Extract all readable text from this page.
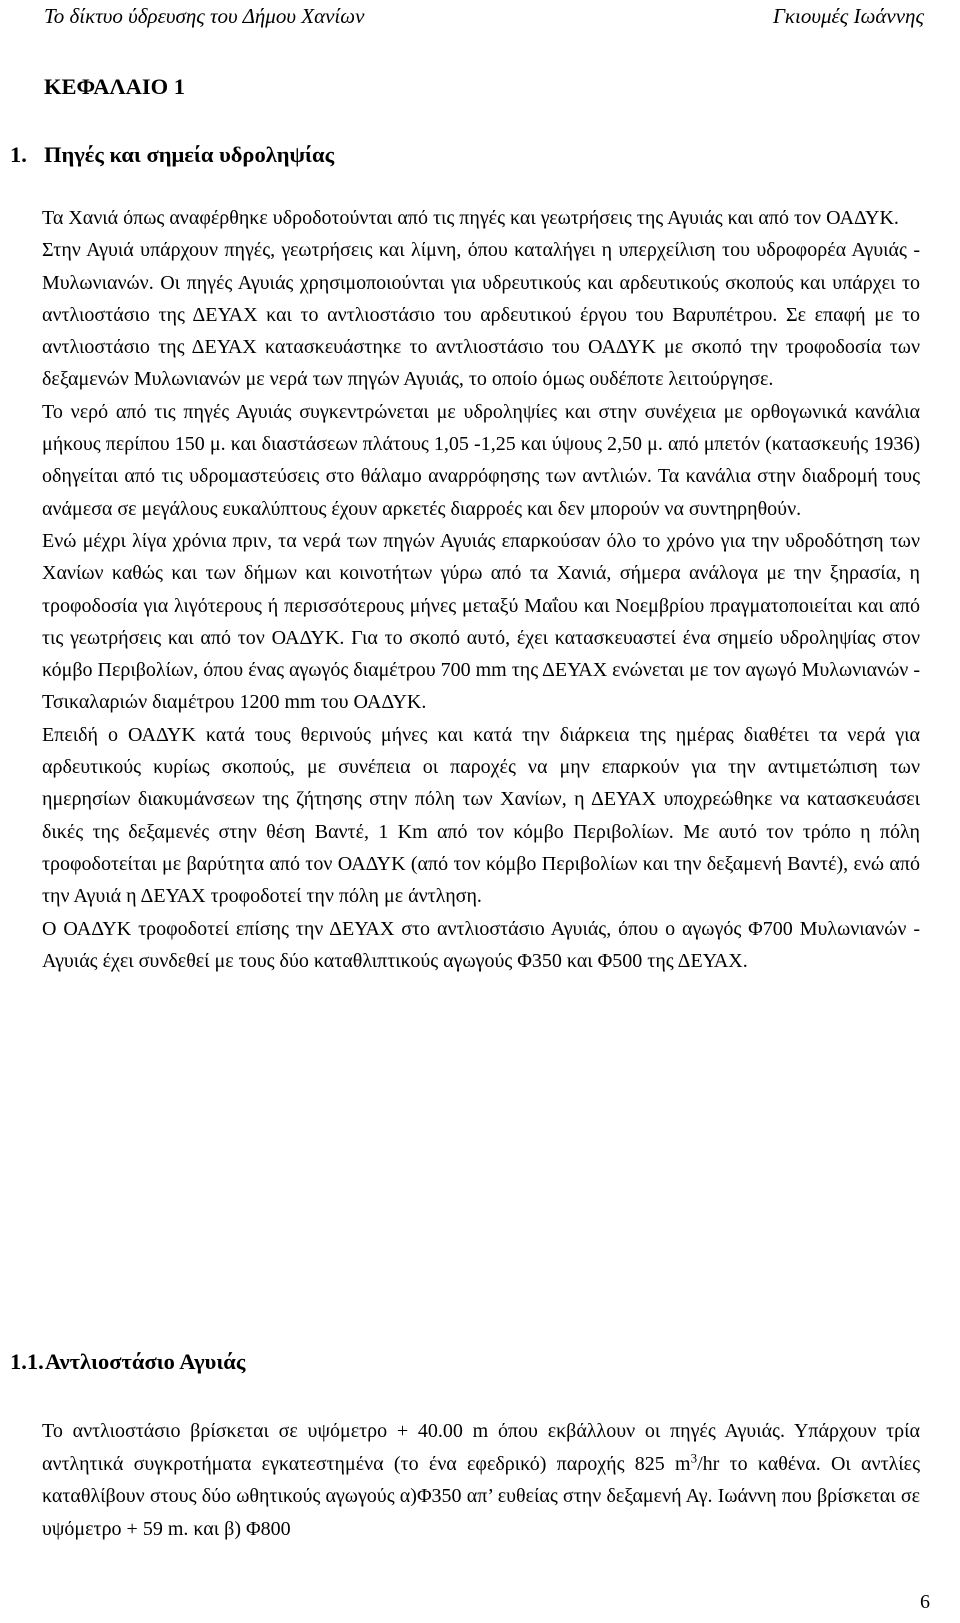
Το δίκτυο ύδρευσης του Δήμου Χανίων	Γκιουμές Ιωάννης
ΚΕΦΑΛΑΙΟ 1
1. Πηγές και σημεία υδροληψίας

Τα Χανιά όπως αναφέρθηκε υδροδοτούνται από τις πηγές και γεωτρήσεις της Αγυιάς και από τον ΟΑΔΥΚ.

Στην Αγυιά υπάρχουν πηγές, γεωτρήσεις και λίμνη, όπου καταλήγει η υπερχείλιση του υδροφορέα Αγυιάς - Μυλωνιανών. Οι πηγές Αγυιάς χρησιμοποιούνται για υδρευτικούς και αρδευτικούς σκοπούς και υπάρχει το αντλιοστάσιο της ΔΕΥΑΧ και το αντλιοστάσιο του αρδευτικού έργου του Βαρυπέτρου. Σε επαφή με το αντλιοστάσιο της ΔΕΥΑΧ κατασκευάστηκε το αντλιοστάσιο του ΟΑΔΥΚ με σκοπό την τροφοδοσία των δεξαμενών Μυλωνιανών με νερά των πηγών Αγυιάς, το οποίο όμως ουδέποτε λειτούργησε.

Το νερό από τις πηγές Αγυιάς συγκεντρώνεται με υδροληψίες και στην συνέχεια με ορθογωνικά κανάλια μήκους περίπου 150 μ. και διαστάσεων πλάτους 1,05 -1,25 και ύψους 2,50 μ. από μπετόν (κατασκευής 1936) οδηγείται από τις υδρομαστεύσεις στο θάλαμο αναρρόφησης των αντλιών. Τα κανάλια στην διαδρομή τους ανάμεσα σε μεγάλους ευκαλύπτους έχουν αρκετές διαρροές και δεν μπορούν να συντηρηθούν.

Ενώ μέχρι λίγα χρόνια πριν, τα νερά των πηγών Αγυιάς επαρκούσαν όλο το χρόνο για την υδροδότηση των Χανίων καθώς και των δήμων και κοινοτήτων γύρω από τα Χανιά, σήμερα ανάλογα με την ξηρασία, η τροφοδοσία για λιγότερους ή περισσότερους μήνες μεταξύ Μαΐου και Νοεμβρίου πραγματοποιείται και από τις γεωτρήσεις και από τον ΟΑΔΥΚ. Για το σκοπό αυτό, έχει κατασκευαστεί ένα σημείο υδροληψίας στον κόμβο Περιβολίων, όπου ένας αγωγός διαμέτρου 700 mm της ΔΕΥΑΧ ενώνεται με τον αγωγό Μυλωνιανών - Τσικαλαριών διαμέτρου 1200 mm του ΟΑΔΥΚ.

Επειδή ο ΟΑΔΥΚ κατά τους θερινούς μήνες και κατά την διάρκεια της ημέρας διαθέτει τα νερά για αρδευτικούς κυρίως σκοπούς, με συνέπεια οι παροχές να μην επαρκούν για την αντιμετώπιση των ημερησίων διακυμάνσεων της ζήτησης στην πόλη των Χανίων, η ΔΕΥΑΧ υποχρεώθηκε να κατασκευάσει δικές της δεξαμενές στην θέση Βαντέ, 1 Km από τον κόμβο Περιβολίων. Με αυτό τον τρόπο η πόλη τροφοδοτείται με βαρύτητα από τον ΟΑΔΥΚ (από τον κόμβο Περιβολίων και την δεξαμενή Βαντέ), ενώ από την Αγυιά η ΔΕΥΑΧ τροφοδοτεί την πόλη με άντληση.

Ο ΟΑΔΥΚ τροφοδοτεί επίσης την ΔΕΥΑΧ στο αντλιοστάσιο Αγυιάς, όπου ο αγωγός Φ700 Μυλωνιανών - Αγυιάς έχει συνδεθεί με τους δύο καταθλιπτικούς αγωγούς Φ350 και Φ500 της ΔΕΥΑΧ.

1.1.Αντλιοστάσιο Αγυιάς

Το αντλιοστάσιο βρίσκεται σε υψόμετρο + 40.00 m όπου εκβάλλουν οι πηγές Αγυιάς. Υπάρχουν τρία αντλητικά συγκροτήματα εγκατεστημένα (το ένα εφεδρικό) παροχής 825 $m^3/hr$ το καθένα. Οι αντλίες καταθλίβουν στους δύο ωθητικούς αγωγούς α)Φ350 απ’ ευθείας στην δεξαμενή Αγ. Ιωάννη που βρίσκεται σε υψόμετρο + 59 m. και β) Φ800

6
